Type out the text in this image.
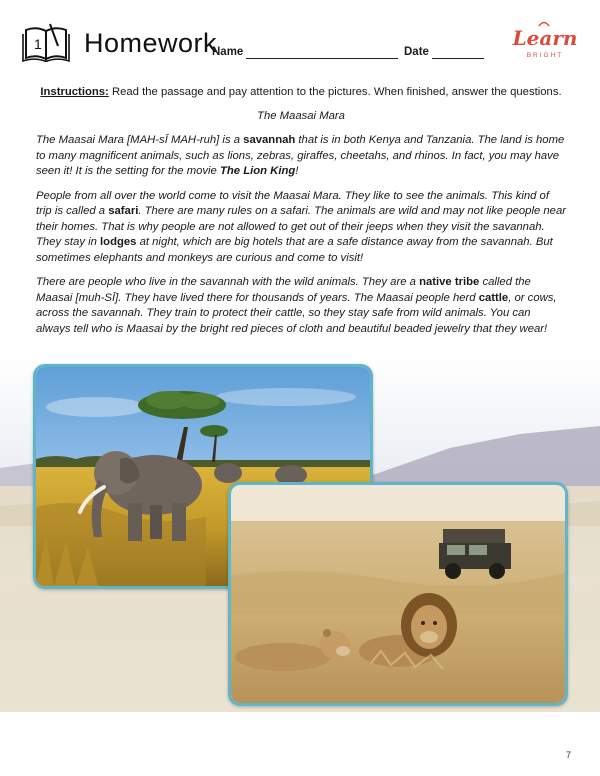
1 Homework
Name	Date
Learn
BRIGHT

Instructions: Read the passage and pay attention to the pictures. When finished, answer the questions.

The Maasai Mara

The Maasai Mara [MAH-sĪ MAH-ruh] is a savannah that is in both Kenya and Tanzania. The land is home to many magnificent animals, such as lions, zebras, giraffes, cheetahs, and rhinos. In fact, you may have seen it! It is the setting for the movie The Lion King!

People from all over the world come to visit the Maasai Mara. They like to see the animals. This kind of trip is called a safari. There are many rules on a safari. The animals are wild and may not like people near their homes. That is why people are not allowed to get out of their jeeps when they visit the savannah. They stay in lodges at night, which are big hotels that are a safe distance away from the savannah. But sometimes elephants and monkeys are curious and come to visit!

There are people who live in the savannah with the wild animals. They are a native tribe called the Maasai [muh-SĪ]. They have lived there for thousands of years. The Maasai people herd cattle, or cows, across the savannah. They train to protect their cattle, so they stay safe from wild animals. You can always tell who is Maasai by the bright red pieces of cloth and beautiful beaded jewelry that they wear!

7
